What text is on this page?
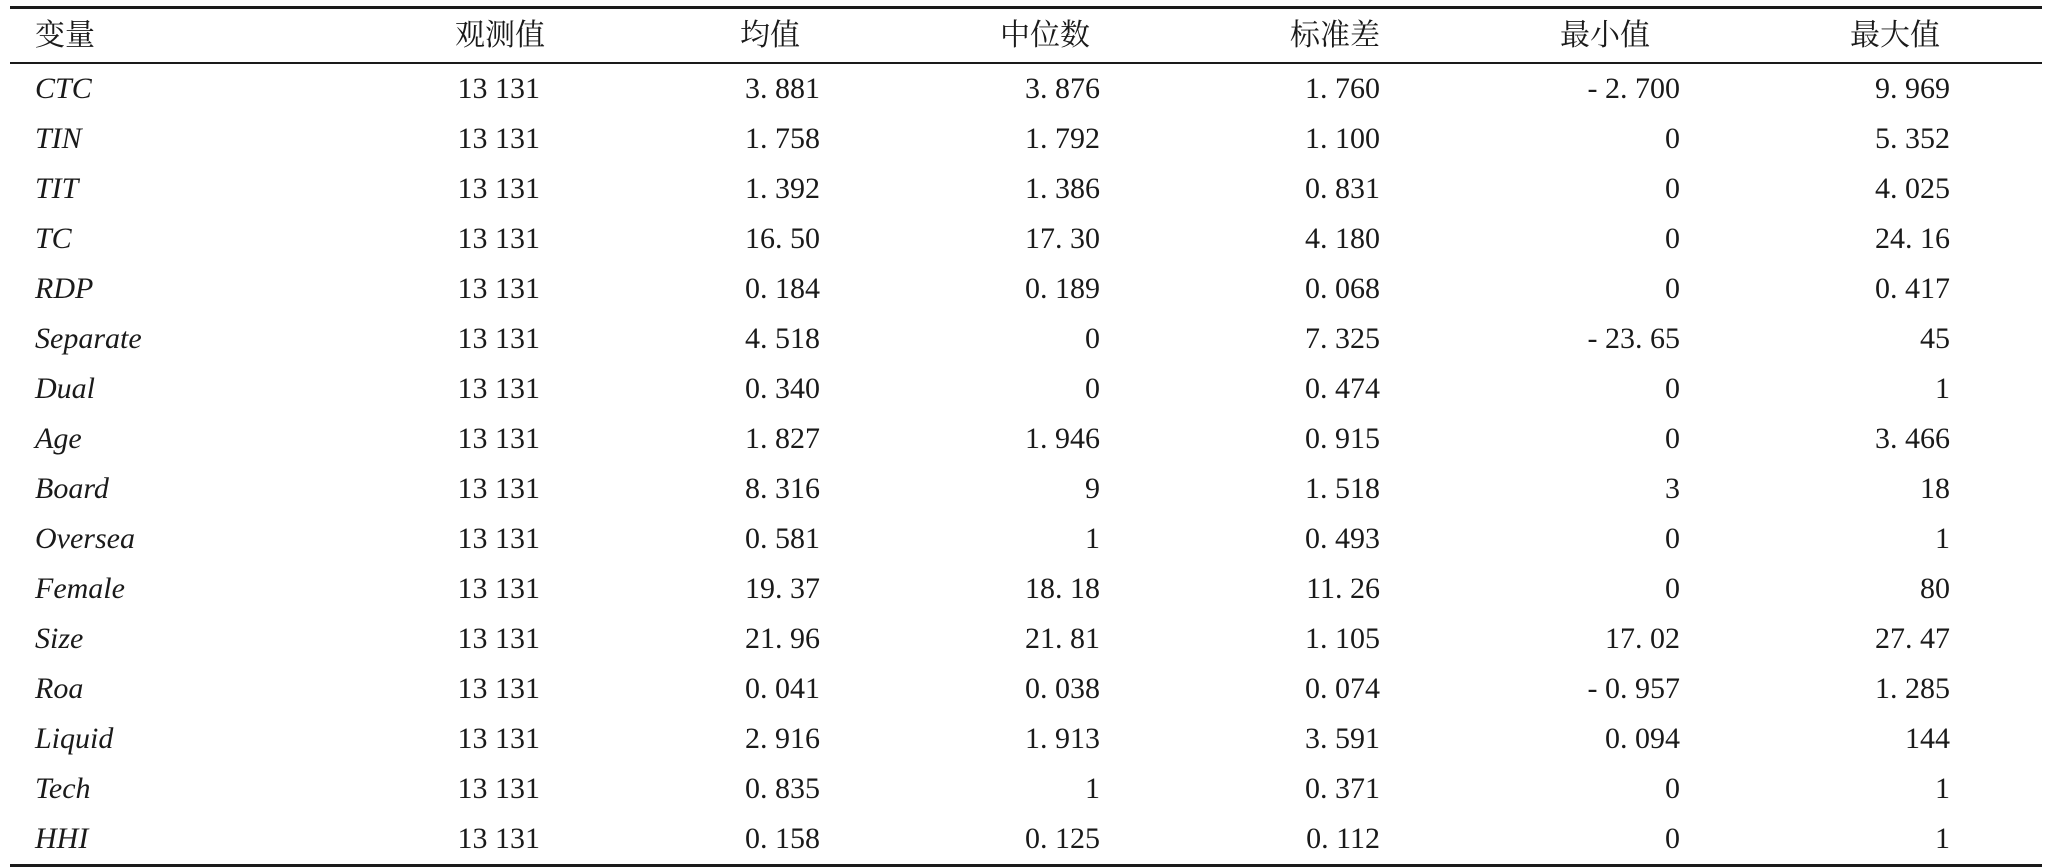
变量	观测值	均值	中位数	标准差	最小值	最大值
CTC	13 131	3. 881	3. 876	1. 760	- 2. 700	9. 969
TIN	13 131	1. 758	1. 792	1. 100	0	5. 352
TIT	13 131	1. 392	1. 386	0. 831	0	4. 025
TC	13 131	16. 50	17. 30	4. 180	0	24. 16
RDP	13 131	0. 184	0. 189	0. 068	0	0. 417
Separate	13 131	4. 518	0	7. 325	- 23. 65	45
Dual	13 131	0. 340	0	0. 474	0	1
Age	13 131	1. 827	1. 946	0. 915	0	3. 466
Board	13 131	8. 316	9	1. 518	3	18
Oversea	13 131	0. 581	1	0. 493	0	1
Female	13 131	19. 37	18. 18	11. 26	0	80
Size	13 131	21. 96	21. 81	1. 105	17. 02	27. 47
Roa	13 131	0. 041	0. 038	0. 074	- 0. 957	1. 285
Liquid	13 131	2. 916	1. 913	3. 591	0. 094	144
Tech	13 131	0. 835	1	0. 371	0	1
HHI	13 131	0. 158	0. 125	0. 112	0	1
